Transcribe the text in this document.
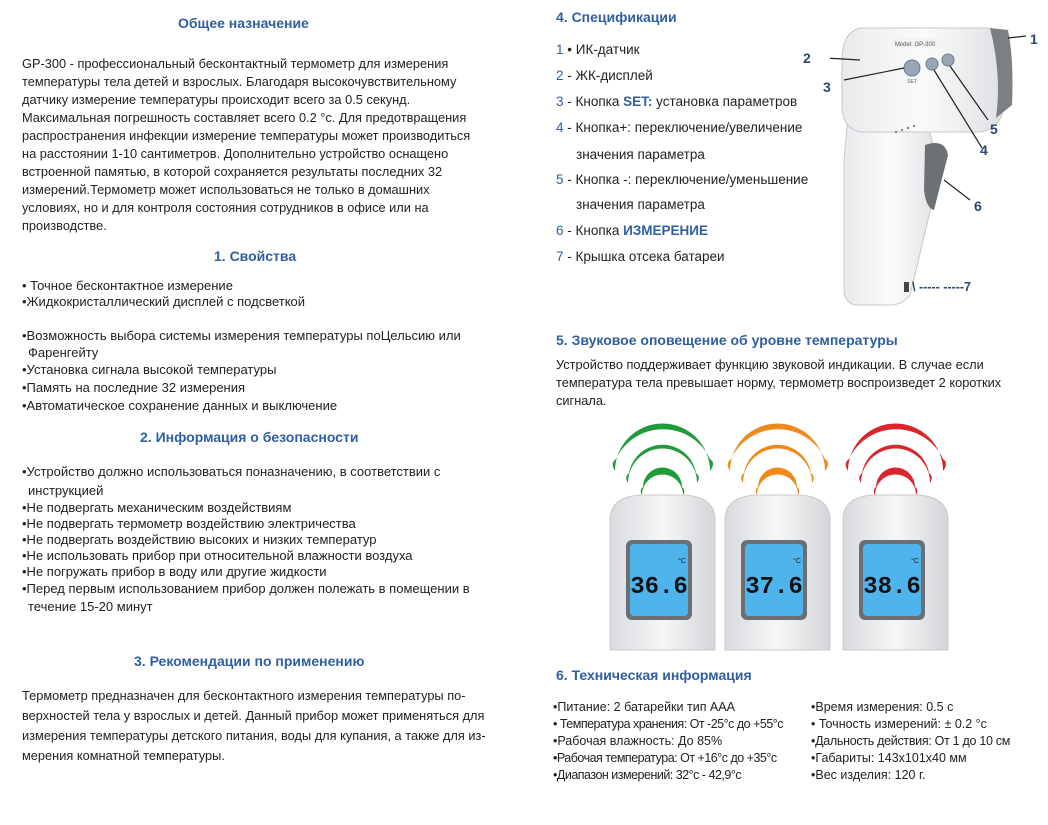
Общее назначение
GP-300 - профессиональный бесконтактный термометр для измерения
температуры тела детей и взрослых. Благодаря высокочувствительному
датчику измерение температуры происходит всего за 0.5 секунд.
Максимальная погрешность составляет всего 0.2 °с. Для предотвращения
распространения инфекции измерение температуры может производиться
на расстоянии 1-10 сантиметров. Дополнительно устройство оснащено
встроенной памятью, в которой сохраняется результаты последних 32
измерений.Термометр может использоваться не только в домашних
условиях, но и для контроля состояния сотрудников в офисе или на
производстве.
1. Свойства
• Точное бесконтактное измерение
•Жидкокристаллический дисплей с подсветкой
•Возможность выбора системы измерения температуры поЦельсию или
Фаренгейту
•Установка сигнала высокой температуры
•Память на последние 32 измерения
•Автоматическое сохранение данных и выключение
2. Информация о безопасности
•Устройство должно использоваться поназначению, в соответствии с
инструкцией
•Не подвергать механическим воздействиям
•Не подвергать термометр воздействию электричества
•Не подвергать воздействию высоких и низких температур
•Не использовать прибор при относительной влажности воздуха
•Не погружать прибор в воду или другие жидкости
•Перед первым использованием прибор должен полежать в помещении в
течение 15-20 минут
3. Рекомендации по применению
Термометр предназначен для бесконтактного измерения температуры по-
верхностей тела у взрослых и детей. Данный прибор может применяться для
измерения температуры детского питания, воды для купания, а также для из-
мерения комнатной температуры.
4. Спецификации
1 • ИК-датчик
2 - ЖК-дисплей
3 - Кнопка SET: установка параметров
4 - Кнопка+: переключение/увеличение
значения параметра
5 - Кнопка -: переключение/уменьшение
значения параметра
6 - Кнопка ИЗМЕРЕНИЕ
7 - Крышка отсека батареи
Model: GP-300
SET
1
2
3
5
4
6
\ ----- -----7
5. Звуковое оповещение об уровне температуры
Устройство поддерживает функцию звуковой индикации. В случае если
температура тела превышает норму, термометр воспроизведет 2 коротких
сигнала.
36.6
°C
37.6
°C
38.6
°C
6. Техническая информация
•Питание: 2 батарейки тип ААА
• Температура хранения: От -25°c до +55°c
•Рабочая влажность: До 85%
•Рабочая температура: От +16°c до +35°c
•Диапазон измерений: 32°c - 42,9°c
•Время измерения: 0.5 с
• Точность измерений: ± 0.2 °c
•Дальность действия: От 1 до 10 см
•Габариты: 143x101x40 мм
•Вес изделия: 120 г.
